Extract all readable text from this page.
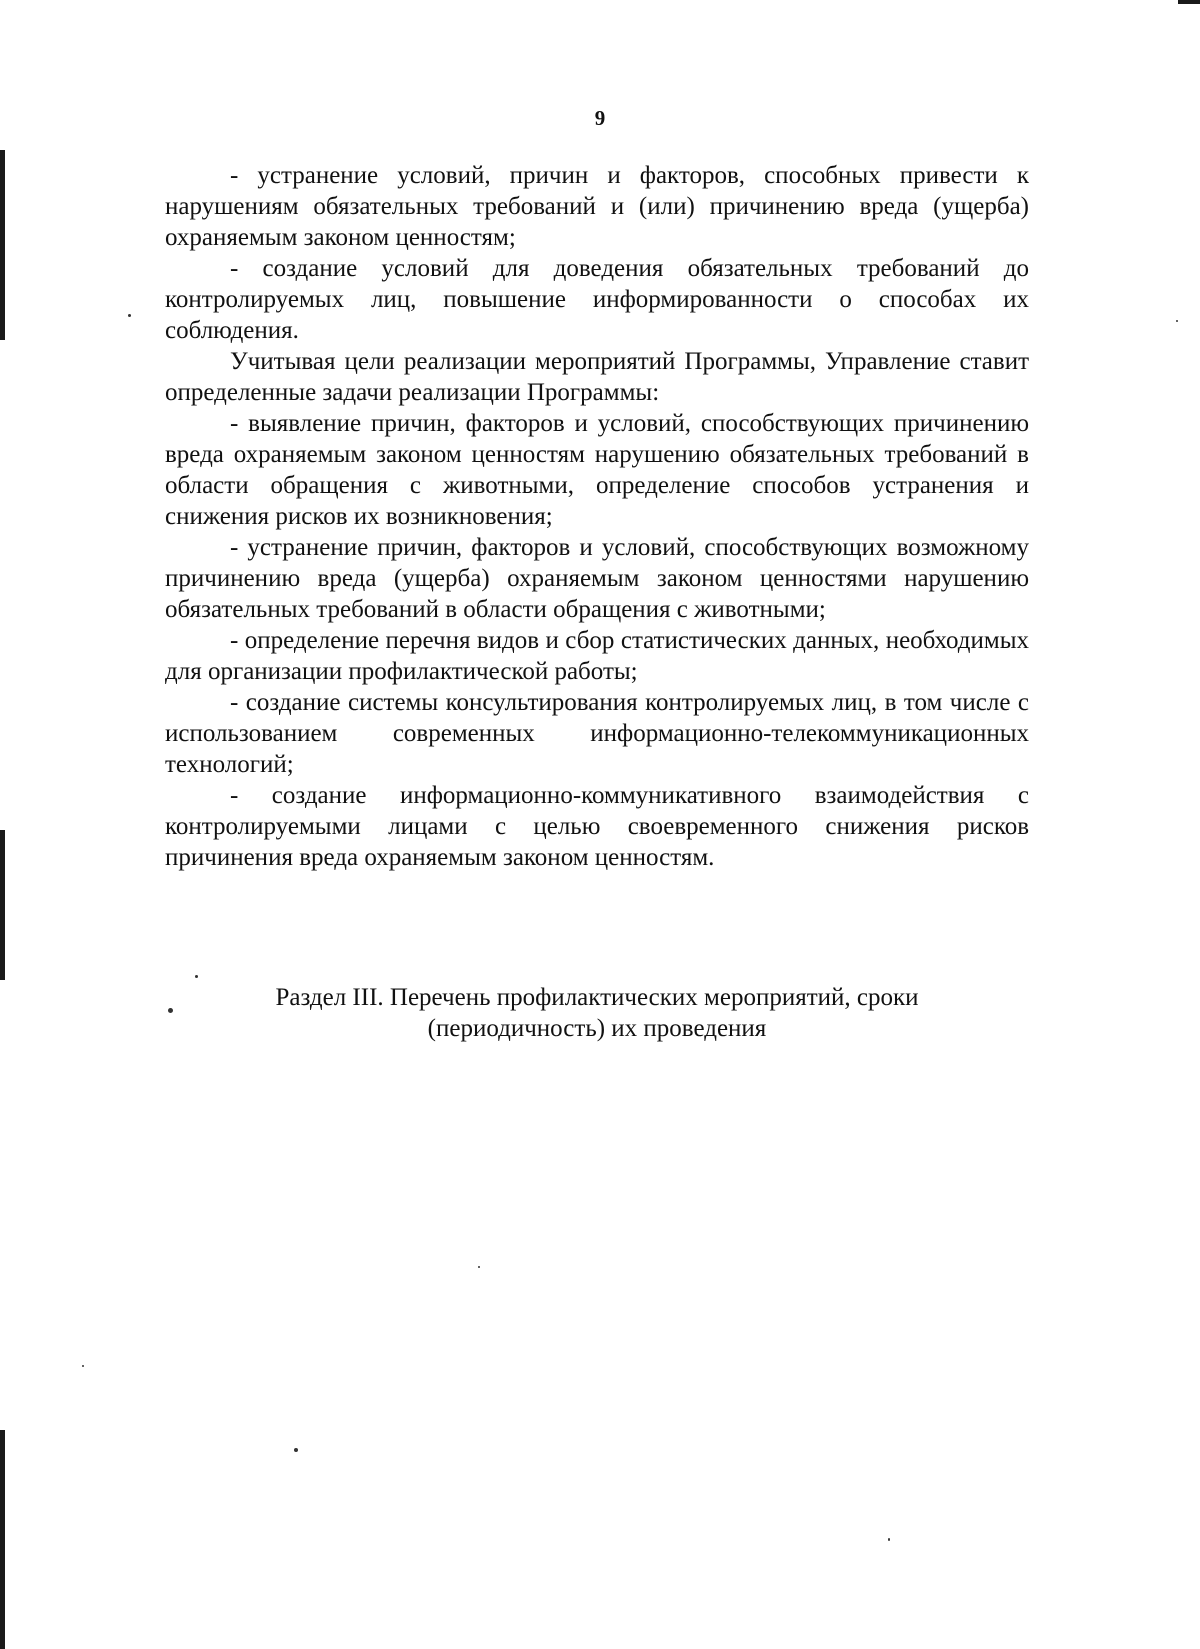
9

- устранение условий, причин и факторов, способных привести к нарушениям обязательных требований и (или) причинению вреда (ущерба) охраняемым законом ценностям;

- создание условий для доведения обязательных требований до контролируемых лиц, повышение информированности о способах их соблюдения.

Учитывая цели реализации мероприятий Программы, Управление ставит определенные задачи реализации Программы:

- выявление причин, факторов и условий, способствующих причинению вреда охраняемым законом ценностям нарушению обязательных требований в области обращения с животными, определение способов устранения и снижения рисков их возникновения;

- устранение причин, факторов и условий, способствующих возможному причинению вреда (ущерба) охраняемым законом ценностями нарушению обязательных требований в области обращения с животными;

- определение перечня видов и сбор статистических данных, необходимых для организации профилактической работы;

- создание системы консультирования контролируемых лиц, в том числе с использованием современных информационно-телекоммуникационных технологий;

- создание информационно-коммуникативного взаимодействия с контролируемыми лицами с целью своевременного снижения рисков причинения вреда охраняемым законом ценностям.

Раздел III. Перечень профилактических мероприятий, сроки
(периодичность) их проведения
